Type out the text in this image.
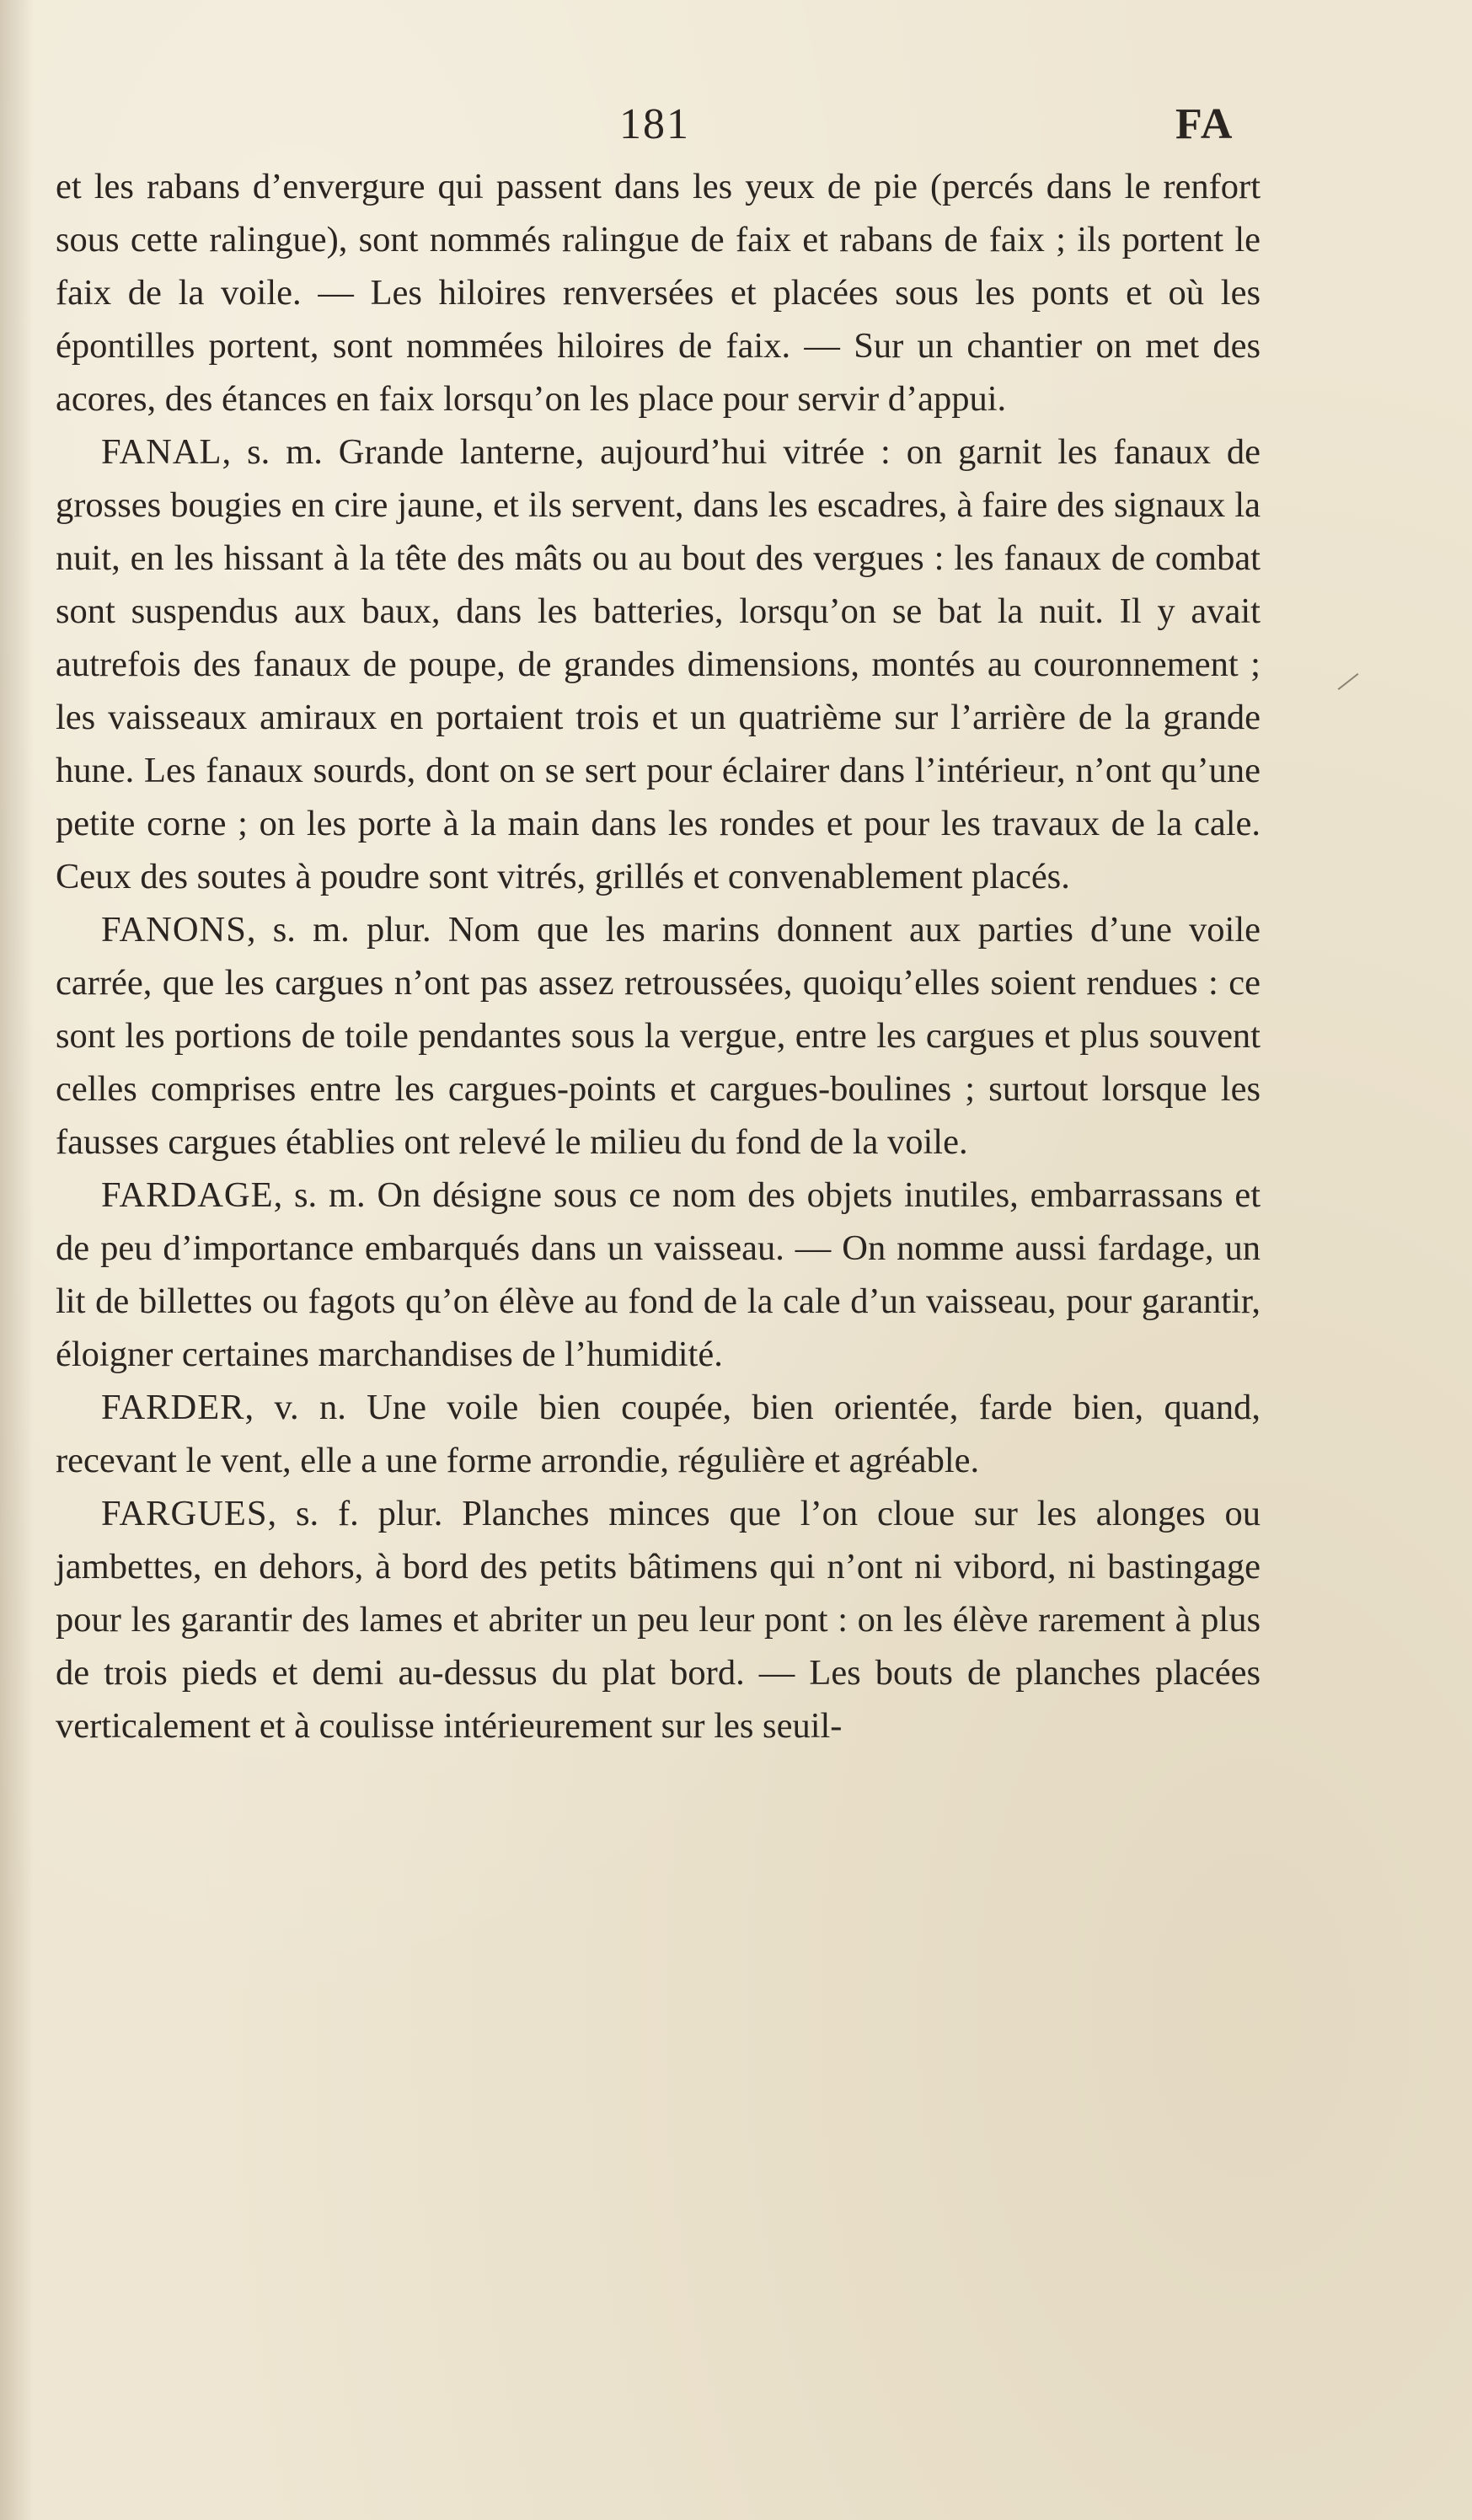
181	FA

et les rabans d’envergure qui passent dans les yeux de pie (percés dans le renfort sous cette ralingue), sont nommés ralingue de faix et rabans de faix ; ils portent le faix de la voile. — Les hiloires renversées et placées sous les ponts et où les épontilles portent, sont nommées hiloires de faix. — Sur un chantier on met des acores, des étances en faix lorsqu’on les place pour servir d’appui.

FANAL, s. m. Grande lanterne, aujourd’hui vitrée : on garnit les fanaux de grosses bougies en cire jaune, et ils servent, dans les escadres, à faire des signaux la nuit, en les hissant à la tête des mâts ou au bout des vergues : les fanaux de combat sont suspendus aux baux, dans les batteries, lorsqu’on se bat la nuit. Il y avait autrefois des fanaux de poupe, de grandes dimensions, montés au couronnement ; les vaisseaux amiraux en portaient trois et un quatrième sur l’arrière de la grande hune. Les fanaux sourds, dont on se sert pour éclairer dans l’intérieur, n’ont qu’une petite corne ; on les porte à la main dans les rondes et pour les travaux de la cale. Ceux des soutes à poudre sont vitrés, grillés et convenablement placés.

FANONS, s. m. plur. Nom que les marins donnent aux parties d’une voile carrée, que les cargues n’ont pas assez retroussées, quoiqu’elles soient rendues : ce sont les portions de toile pendantes sous la vergue, entre les cargues et plus souvent celles comprises entre les cargues-points et cargues-boulines ; surtout lorsque les fausses cargues établies ont relevé le milieu du fond de la voile.

FARDAGE, s. m. On désigne sous ce nom des objets inutiles, embarrassans et de peu d’importance embarqués dans un vaisseau. — On nomme aussi fardage, un lit de billettes ou fagots qu’on élève au fond de la cale d’un vaisseau, pour garantir, éloigner certaines marchandises de l’humidité.

FARDER, v. n. Une voile bien coupée, bien orientée, farde bien, quand, recevant le vent, elle a une forme arrondie, régulière et agréable.

FARGUES, s. f. plur. Planches minces que l’on cloue sur les alonges ou jambettes, en dehors, à bord des petits bâtimens qui n’ont ni vibord, ni bastingage pour les garantir des lames et abriter un peu leur pont : on les élève rarement à plus de trois pieds et demi au-dessus du plat bord. — Les bouts de planches placées verticalement et à coulisse intérieurement sur les seuil-
